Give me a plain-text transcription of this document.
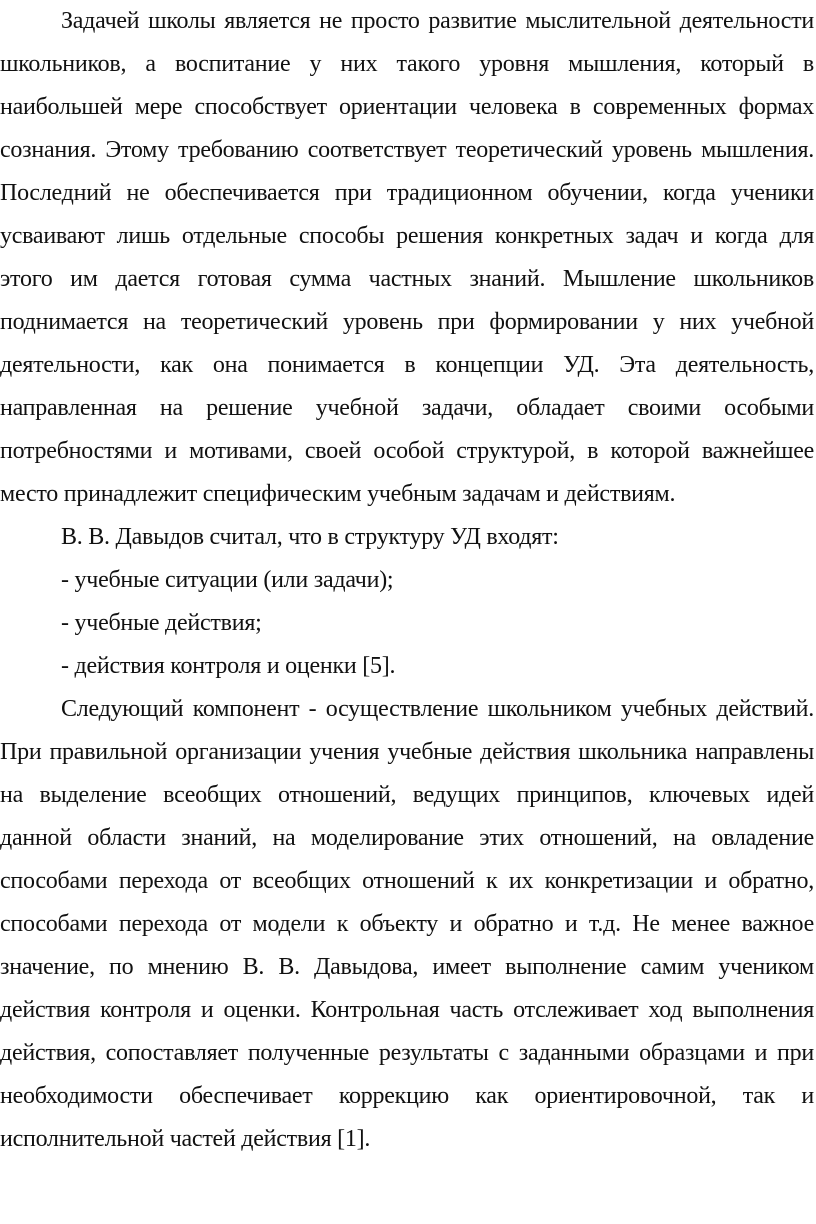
Задачей школы является не просто развитие мыслительной деятельности школьников, а воспитание у них такого уровня мышления, который в наибольшей мере способствует ориентации человека в современных формах сознания. Этому требованию соответствует теоретический уровень мышления. Последний не обеспечивается при традиционном обучении, когда ученики усваивают лишь отдельные способы решения конкретных задач и когда для этого им дается готовая сумма частных знаний. Мышление школьников поднимается на теоретический уровень при формировании у них учебной деятельности, как она понимается в концепции УД. Эта деятельность, направленная на решение учебной задачи, обладает своими особыми потребностями и мотивами, своей особой структурой, в которой важнейшее место принадлежит специфическим учебным задачам и действиям.

В. В. Давыдов считал, что в структуру УД входят:

- учебные ситуации (или задачи);

- учебные действия;

- действия контроля и оценки [5].

Следующий компонент - осуществление школьником учебных действий. При правильной организации учения учебные действия школьника направлены на выделение всеобщих отношений, ведущих принципов, ключевых идей данной области знаний, на моделирование этих отношений, на овладение способами перехода от всеобщих отношений к их конкретизации и обратно, способами перехода от модели к объекту и обратно и т.д. Не менее важное значение, по мнению В. В. Давыдова, имеет выполнение самим учеником действия контроля и оценки. Контрольная часть отслеживает ход выполнения действия, сопоставляет полученные результаты с заданными образцами и при необходимости обеспечивает коррекцию как ориентировочной, так и исполнительной частей действия [1].
